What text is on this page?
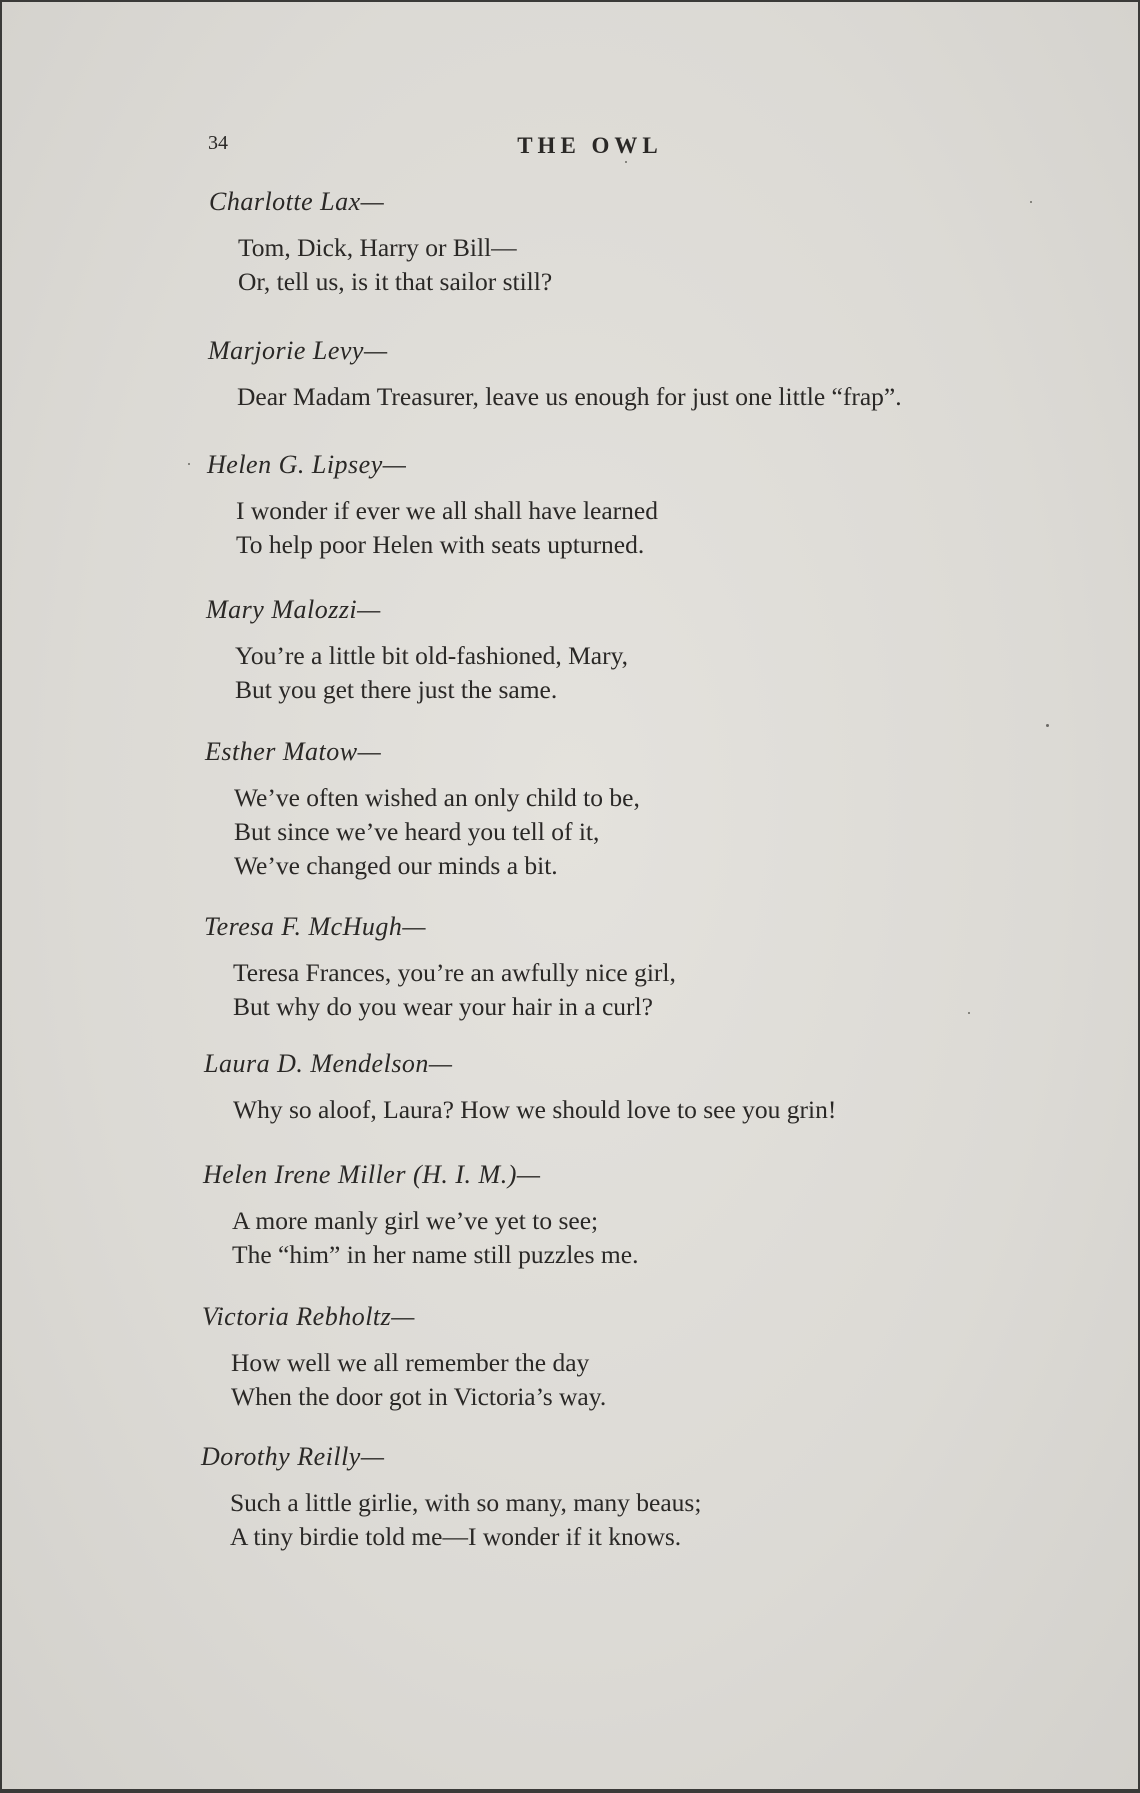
34	THE OWL
Charlotte Lax—
Tom, Dick, Harry or Bill—
Or, tell us, is it that sailor still?
Marjorie Levy—
Dear Madam Treasurer, leave us enough for just one little “frap”.
Helen G. Lipsey—
I wonder if ever we all shall have learned
To help poor Helen with seats upturned.
Mary Malozzi—
You’re a little bit old-fashioned, Mary,
But you get there just the same.
Esther Matow—
We’ve often wished an only child to be,
But since we’ve heard you tell of it,
We’ve changed our minds a bit.
Teresa F. McHugh—
Teresa Frances, you’re an awfully nice girl,
But why do you wear your hair in a curl?
Laura D. Mendelson—
Why so aloof, Laura? How we should love to see you grin!
Helen Irene Miller (H. I. M.)—
A more manly girl we’ve yet to see;
The “him” in her name still puzzles me.
Victoria Rebholtz—
How well we all remember the day
When the door got in Victoria’s way.
Dorothy Reilly—
Such a little girlie, with so many, many beaus;
A tiny birdie told me—I wonder if it knows.
